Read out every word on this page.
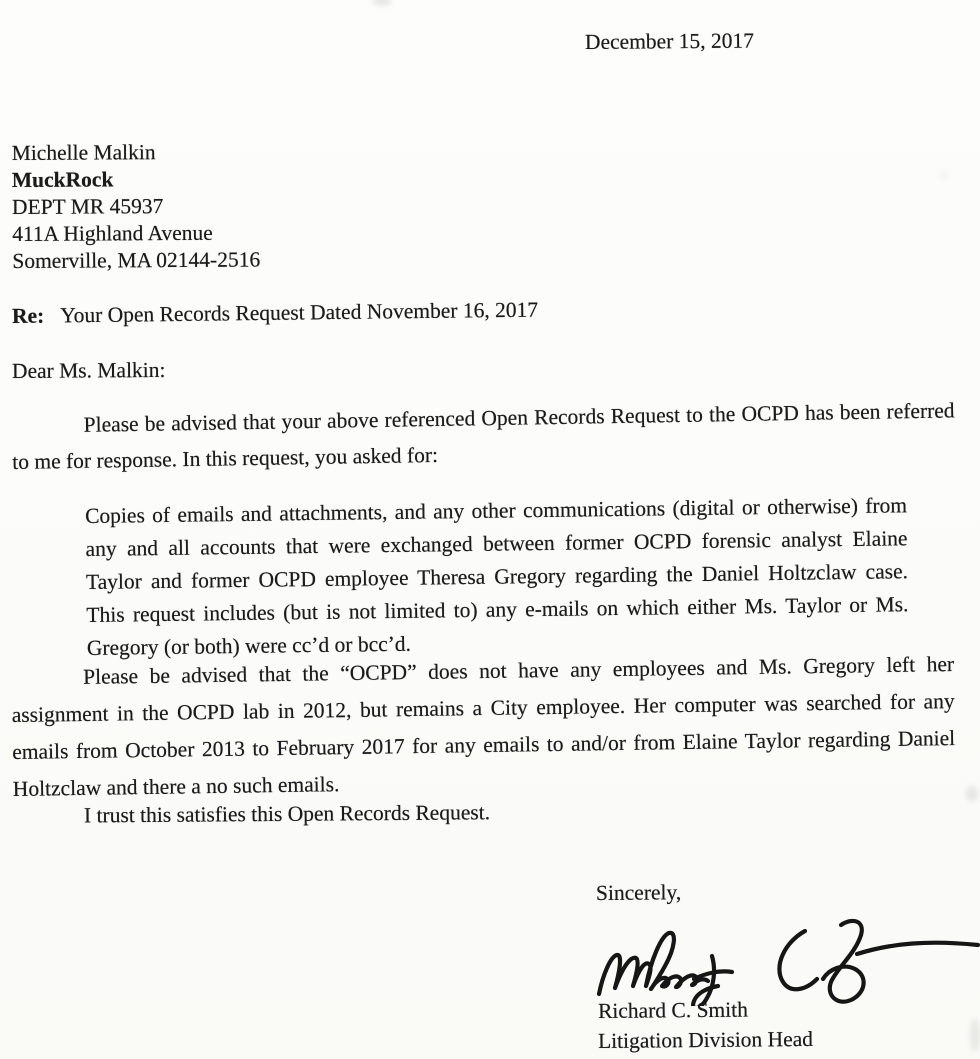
December 15, 2017
Michelle Malkin
MuckRock
DEPT MR 45937
411A Highland Avenue
Somerville, MA 02144-2516
Re: Your Open Records Request Dated November 16, 2017
Dear Ms. Malkin:
Please be advised that your above referenced Open Records Request to the OCPD has been referred to me for response. In this request, you asked for:
Copies of emails and attachments, and any other communications (digital or otherwise) from any and all accounts that were exchanged between former OCPD forensic analyst Elaine Taylor and former OCPD employee Theresa Gregory regarding the Daniel Holtzclaw case. This request includes (but is not limited to) any e-mails on which either Ms. Taylor or Ms. Gregory (or both) were cc’d or bcc’d.
Please be advised that the “OCPD” does not have any employees and Ms. Gregory left her assignment in the OCPD lab in 2012, but remains a City employee. Her computer was searched for any emails from October 2013 to February 2017 for any emails to and/or from Elaine Taylor regarding Daniel Holtzclaw and there a no such emails.
I trust this satisfies this Open Records Request.
Sincerely,
Richard C. Smith
Litigation Division Head
